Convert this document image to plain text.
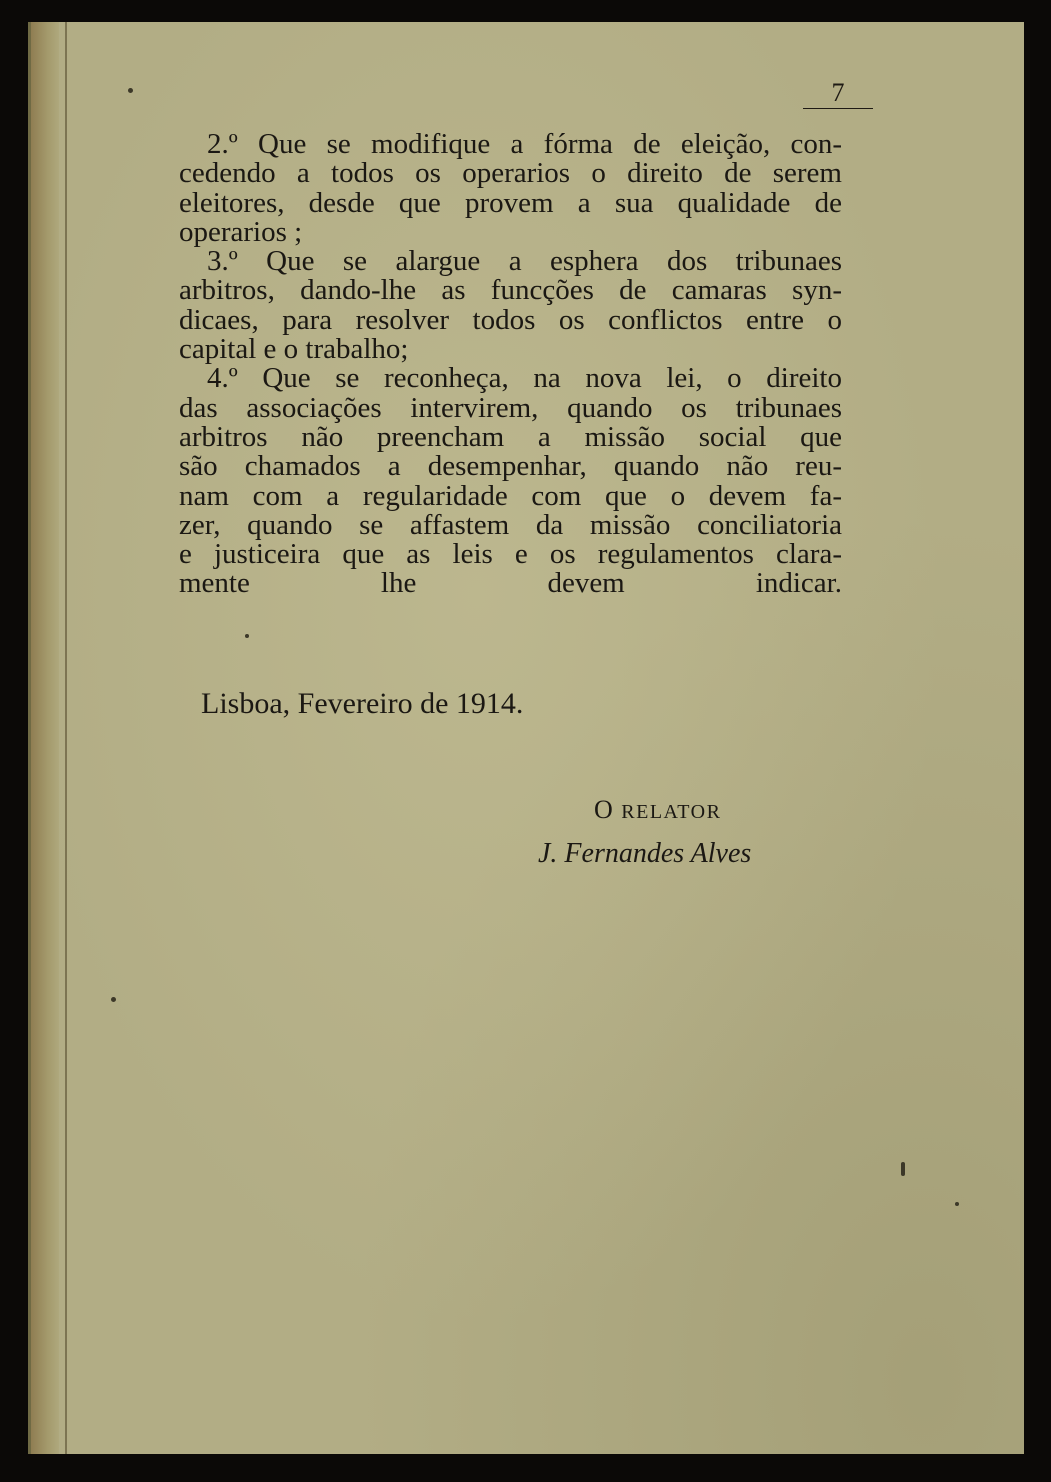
7
2.º Que se modifique a fórma de eleição, con-
cedendo a todos os operarios o direito de serem
eleitores, desde que provem a sua qualidade de
operarios ;
3.º Que se alargue a esphera dos tribunaes
arbitros, dando-lhe as funcções de camaras syn-
dicaes, para resolver todos os conflictos entre o
capital e o trabalho;
4.º Que se reconheça, na nova lei, o direito
das associações intervirem, quando os tribunaes
arbitros não preencham a missão social que
são chamados a desempenhar, quando não reu-
nam com a regularidade com que o devem fa-
zer, quando se affastem da missão conciliatoria
e justiceira que as leis e os regulamentos clara-
mente lhe devem indicar.
Lisboa, Fevereiro de 1914.
O RELATOR
J. Fernandes Alves
